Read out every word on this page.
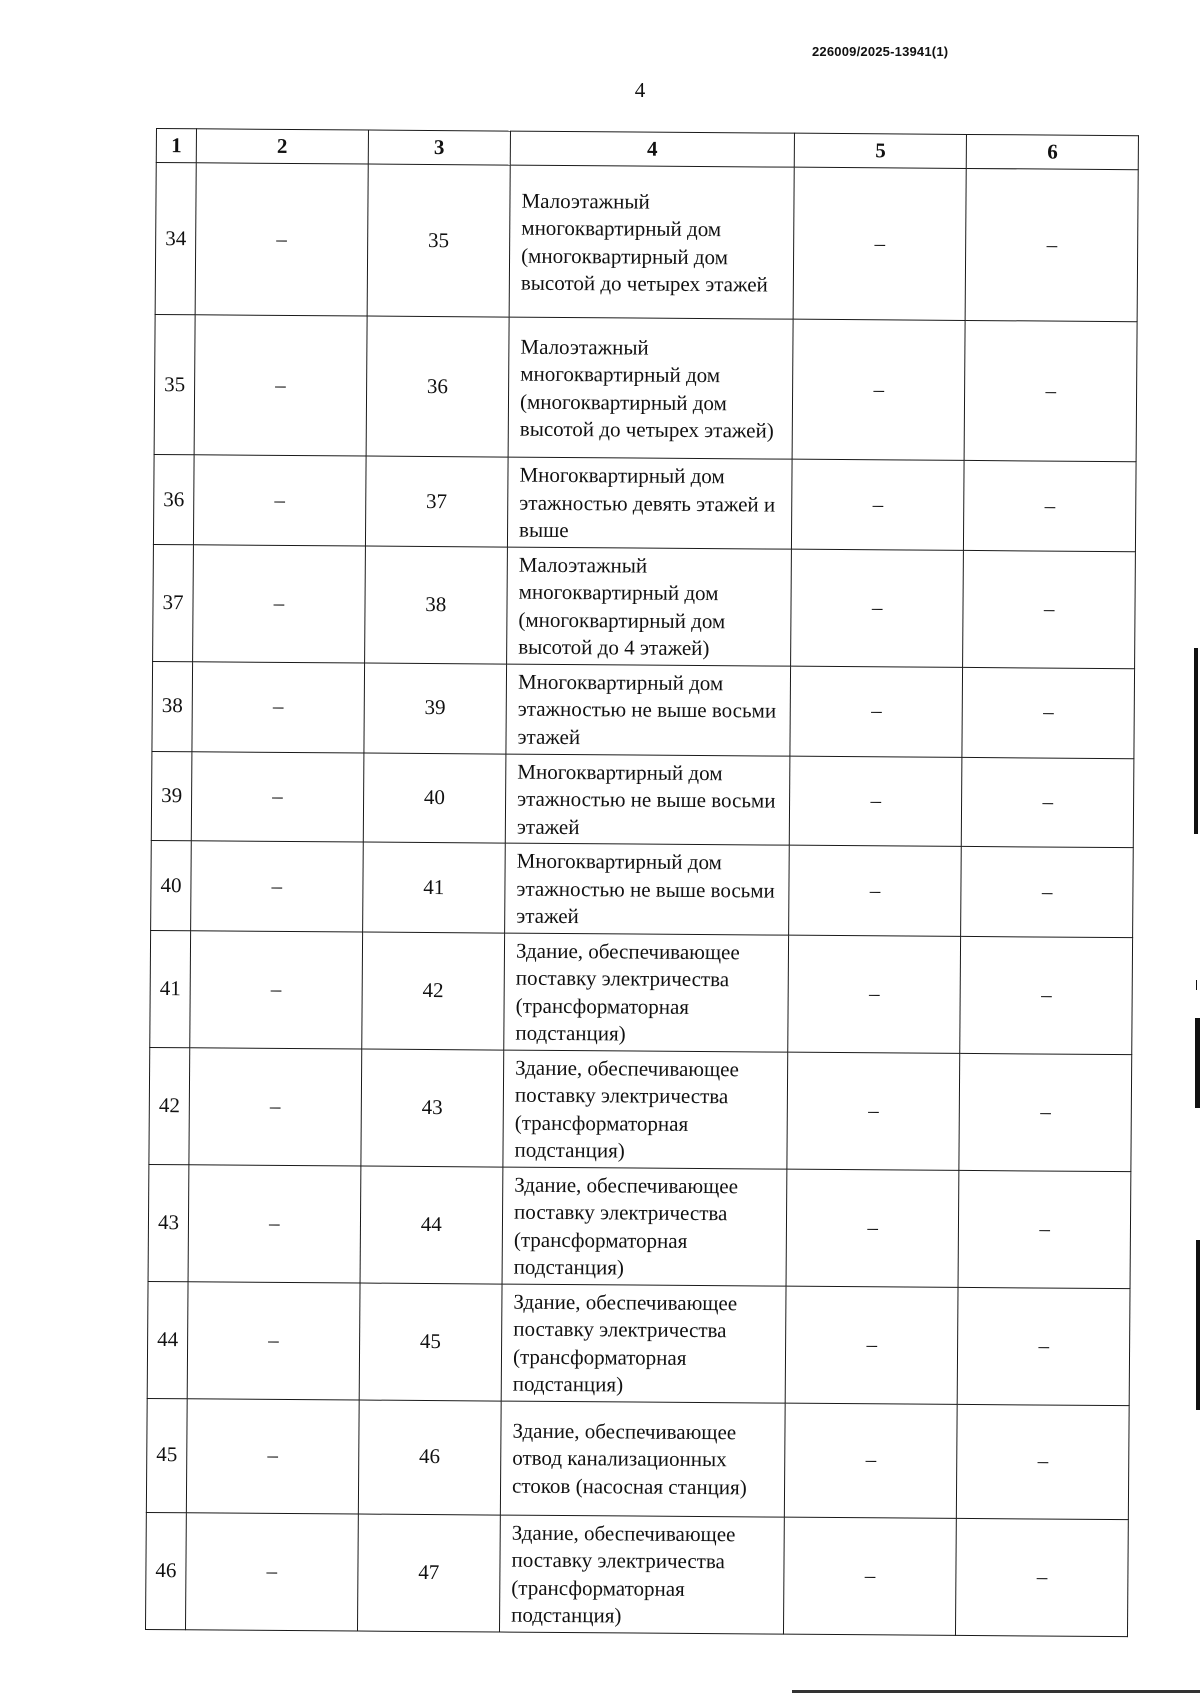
226009/2025-13941(1)
4
1	2	3	4	5	6
34	–	35	Малоэтажный многоквартирный дом (многоквартирный дом высотой до четырех этажей	–	–
35	–	36	Малоэтажный многоквартирный дом (многоквартирный дом высотой до четырех этажей)	–	–
36	–	37	Многоквартирный дом этажностью девять этажей и выше	–	–
37	–	38	Малоэтажный многоквартирный дом (многоквартирный дом высотой до 4 этажей)	–	–
38	–	39	Многоквартирный дом этажностью не выше восьми этажей	–	–
39	–	40	Многоквартирный дом этажностью не выше восьми этажей	–	–
40	–	41	Многоквартирный дом этажностью не выше восьми этажей	–	–
41	–	42	Здание, обеспечивающее поставку электричества (трансформаторная подстанция)	–	–
42	–	43	Здание, обеспечивающее поставку электричества (трансформаторная подстанция)	–	–
43	–	44	Здание, обеспечивающее поставку электричества (трансформаторная подстанция)	–	–
44	–	45	Здание, обеспечивающее поставку электричества (трансформаторная подстанция)	–	–
45	–	46	Здание, обеспечивающее отвод канализационных стоков (насосная станция)	–	–
46	–	47	Здание, обеспечивающее поставку электричества (трансформаторная подстанция)	–	–
